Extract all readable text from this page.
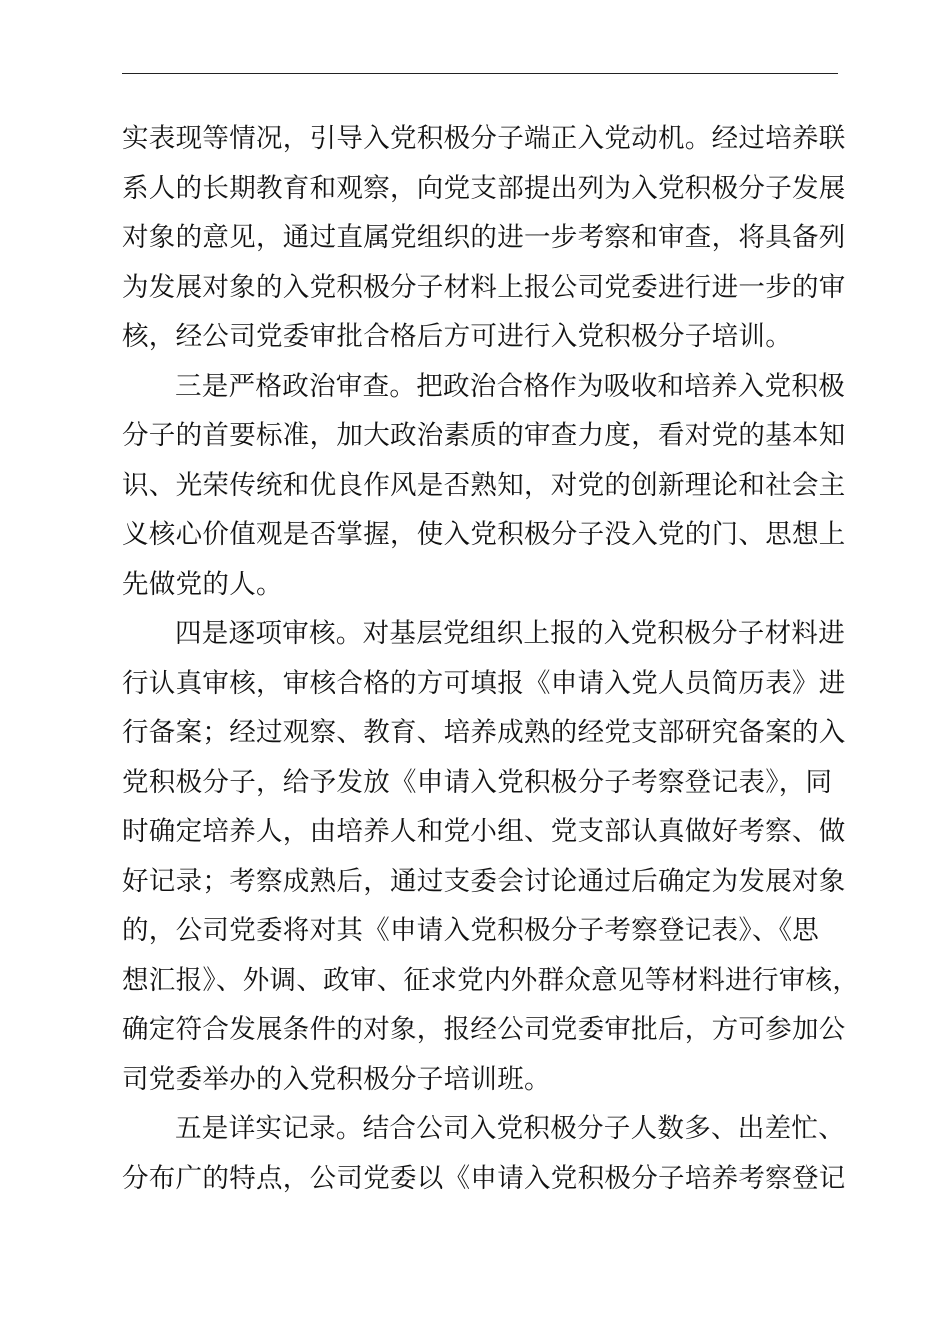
实表现等情况，引导入党积极分子端正入党动机。经过培养联
系人的长期教育和观察，向党支部提出列为入党积极分子发展
对象的意见，通过直属党组织的进一步考察和审查，将具备列
为发展对象的入党积极分子材料上报公司党委进行进一步的审
核，经公司党委审批合格后方可进行入党积极分子培训。
三是严格政治审查。把政治合格作为吸收和培养入党积极
分子的首要标准，加大政治素质的审查力度，看对党的基本知
识、光荣传统和优良作风是否熟知，对党的创新理论和社会主
义核心价值观是否掌握，使入党积极分子没入党的门、思想上
先做党的人。
四是逐项审核。对基层党组织上报的入党积极分子材料进
行认真审核，审核合格的方可填报《申请入党人员简历表》进
行备案；经过观察、教育、培养成熟的经党支部研究备案的入
党积极分子，给予发放《申请入党积极分子考察登记表》，同
时确定培养人，由培养人和党小组、党支部认真做好考察、做
好记录；考察成熟后，通过支委会讨论通过后确定为发展对象
的，公司党委将对其《申请入党积极分子考察登记表》、《思
想汇报》、外调、政审、征求党内外群众意见等材料进行审核，
确定符合发展条件的对象，报经公司党委审批后，方可参加公
司党委举办的入党积极分子培训班。
五是详实记录。结合公司入党积极分子人数多、出差忙、
分布广的特点，公司党委以《申请入党积极分子培养考察登记
